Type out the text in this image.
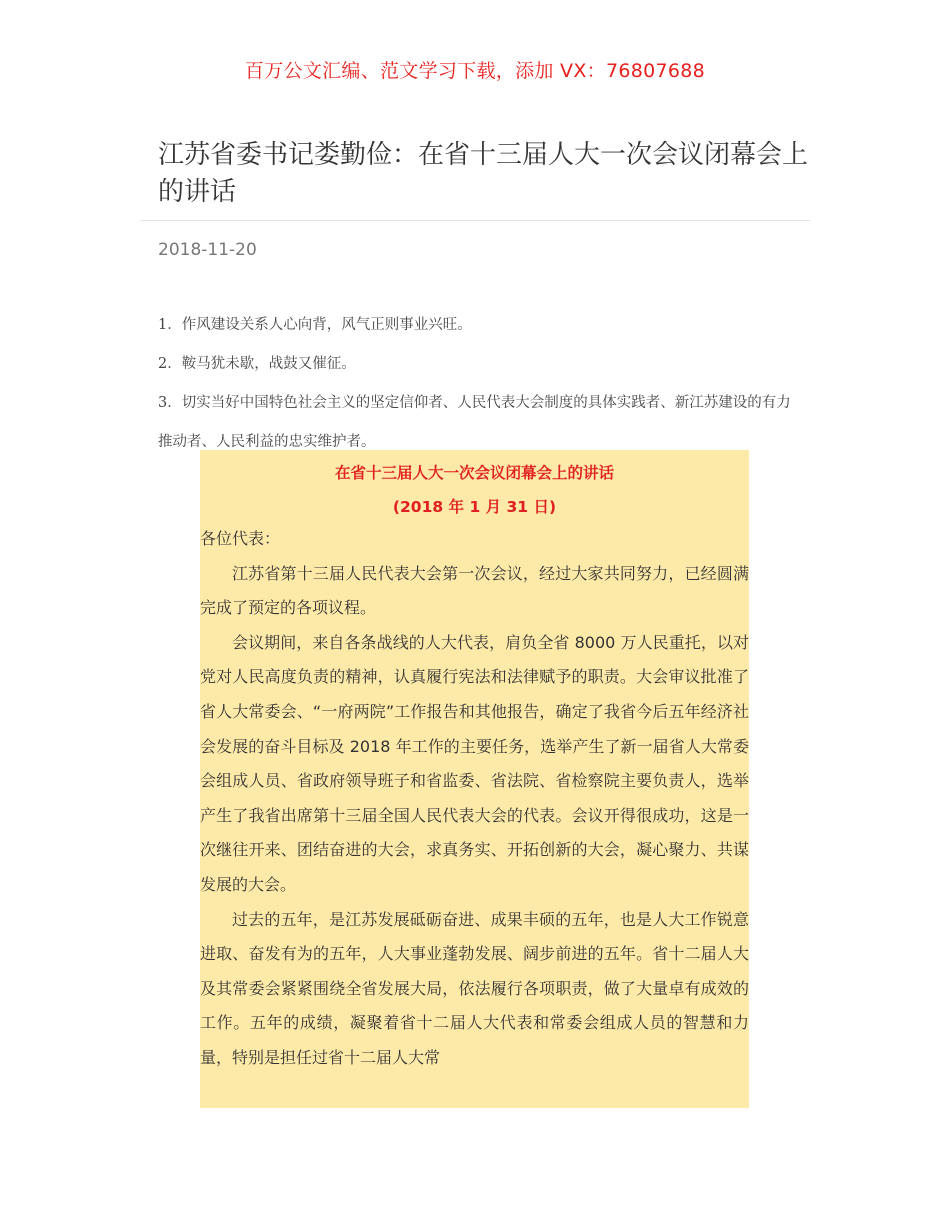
百万公文汇编、范文学习下载，添加 VX：76807688
江苏省委书记娄勤俭：在省十三届人大一次会议闭幕会上的讲话
2018-11-20

1．作风建设关系人心向背，风气正则事业兴旺。

2．鞍马犹未歇，战鼓又催征。

3．切实当好中国特色社会主义的坚定信仰者、人民代表大会制度的具体实践者、新江苏建设的有力推动者、人民利益的忠实维护者。

在省十三届人大一次会议闭幕会上的讲话
(2018 年 1 月 31 日)

各位代表：

江苏省第十三届人民代表大会第一次会议，经过大家共同努力，已经圆满完成了预定的各项议程。

会议期间，来自各条战线的人大代表，肩负全省 8000 万人民重托，以对党对人民高度负责的精神，认真履行宪法和法律赋予的职责。大会审议批准了省人大常委会、“一府两院”工作报告和其他报告，确定了我省今后五年经济社会发展的奋斗目标及 2018 年工作的主要任务，选举产生了新一届省人大常委会组成人员、省政府领导班子和省监委、省法院、省检察院主要负责人，选举产生了我省出席第十三届全国人民代表大会的代表。会议开得很成功，这是一次继往开来、团结奋进的大会，求真务实、开拓创新的大会，凝心聚力、共谋发展的大会。

过去的五年，是江苏发展砥砺奋进、成果丰硕的五年，也是人大工作锐意进取、奋发有为的五年，人大事业蓬勃发展、阔步前进的五年。省十二届人大及其常委会紧紧围绕全省发展大局，依法履行各项职责，做了大量卓有成效的工作。五年的成绩，凝聚着省十二届人大代表和常委会组成人员的智慧和力量，特别是担任过省十二届人大常
